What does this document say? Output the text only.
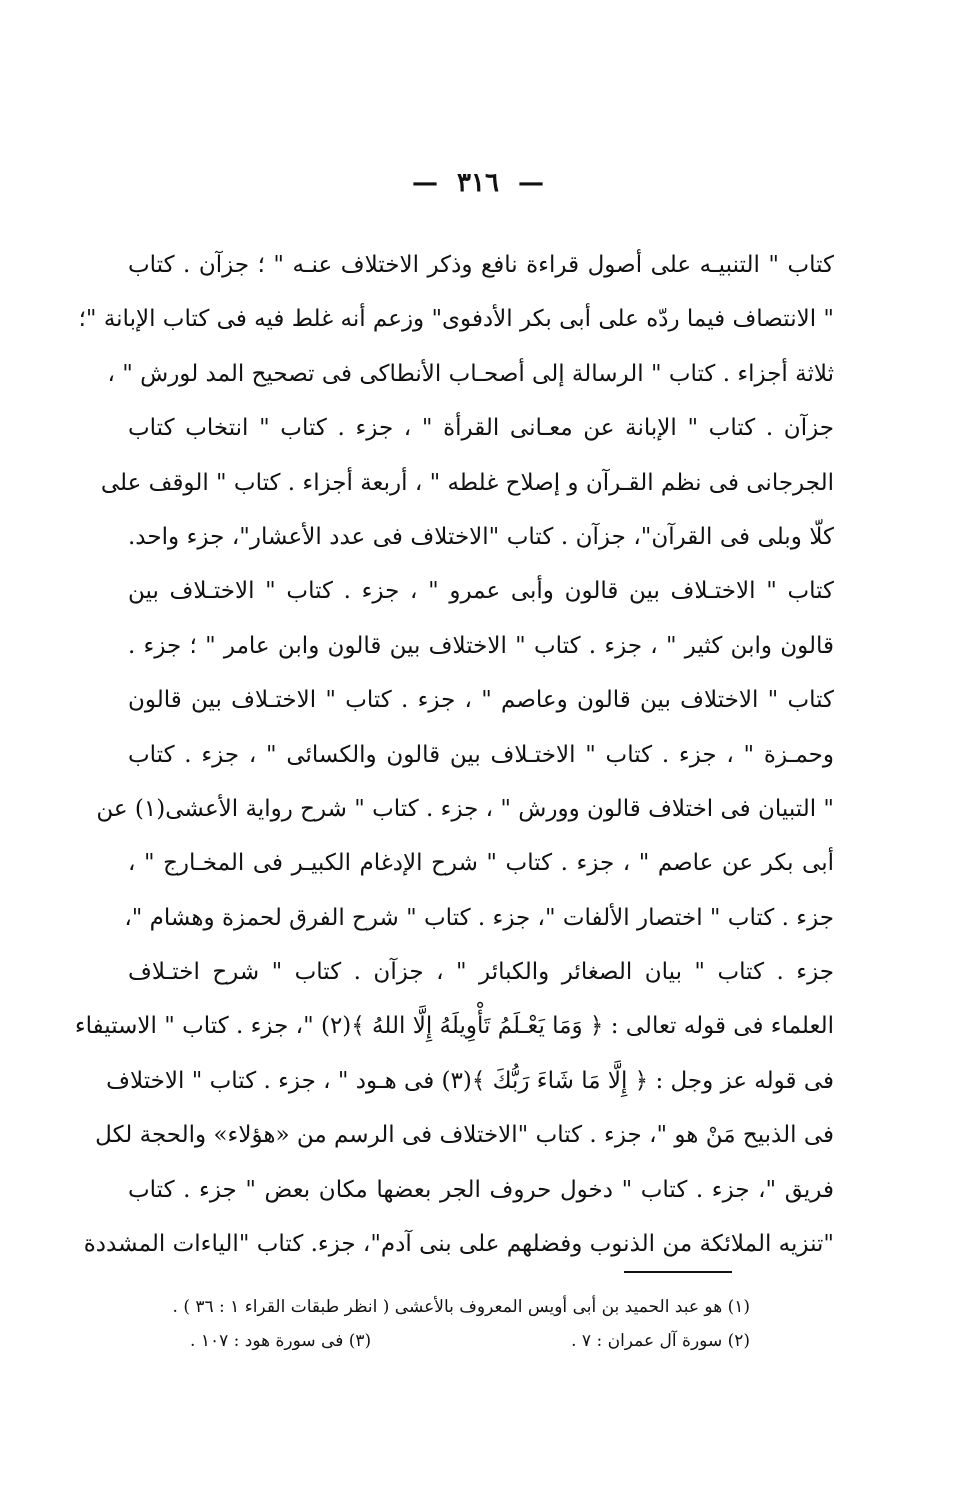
— ٣١٦ —
كتاب " التنبيـه على أصول قراءة نافع وذكر الاختلاف عنـه " ؛ جزآن . كتاب
" الانتصاف فيما ردّه على أبى بكر الأدفوى" وزعم أنه غلط فيه فى كتاب الإبانة "؛
ثلاثة أجزاء . كتاب " الرسالة إلى أصحـاب الأنطاكى فى تصحيح المد لورش " ،
جزآن . كتاب " الإبانة عن معـانى القرأة " ، جزء . كتاب " انتخاب كتاب
الجرجانى فى نظم القـرآن و إصلاح غلطه " ، أربعة أجزاء . كتاب " الوقف على
كلّا وبلى فى القرآن"، جزآن . كتاب "الاختلاف فى عدد الأعشار"، جزء واحد.
كتاب " الاختـلاف بين قالون وأبى عمرو " ، جزء . كتاب " الاختـلاف بين
قالون وابن كثير " ، جزء . كتاب " الاختلاف بين قالون وابن عامر " ؛ جزء .
كتاب " الاختلاف بين قالون وعاصم " ، جزء . كتاب " الاختـلاف بين قالون
وحمـزة " ، جزء . كتاب " الاختـلاف بين قالون والكسائى " ، جزء . كتاب
" التبيان فى اختلاف قالون وورش " ، جزء . كتاب " شرح رواية الأعشى(١) عن
أبى بكر عن عاصم " ، جزء . كتاب " شرح الإدغام الكبيـر فى المخـارج " ،
جزء . كتاب " اختصار الألفات "، جزء . كتاب " شرح الفرق لحمزة وهشام "،
جزء . كتاب " بيان الصغائر والكبائر " ، جزآن . كتاب " شرح اختـلاف
العلماء فى قوله تعالى : ﴿ وَمَا يَعْـلَمُ تَأْوِيلَهُ إِلَّا اللهُ ﴾(٢) "، جزء . كتاب " الاستيفاء
فى قوله عز وجل : ﴿ إِلَّا مَا شَاءَ رَبُّكَ ﴾(٣) فى هـود " ، جزء . كتاب " الاختلاف
فى الذبيح مَنْ هو "، جزء . كتاب "الاختلاف فى الرسم من «هؤلاء» والحجة لكل
فريق "، جزء . كتاب " دخول حروف الجر بعضها مكان بعض " جزء . كتاب
"تنزيه الملائكة من الذنوب وفضلهم على بنى آدم"، جزء. كتاب "الياءات المشددة
(١) هو عبد الحميد بن أبى أويس المعروف بالأعشى ( انظر طبقات القراء ١ : ٣٦ ) .
(٢) سورة آل عمران : ٧ .
(٣) فى سورة هود : ١٠٧ .
